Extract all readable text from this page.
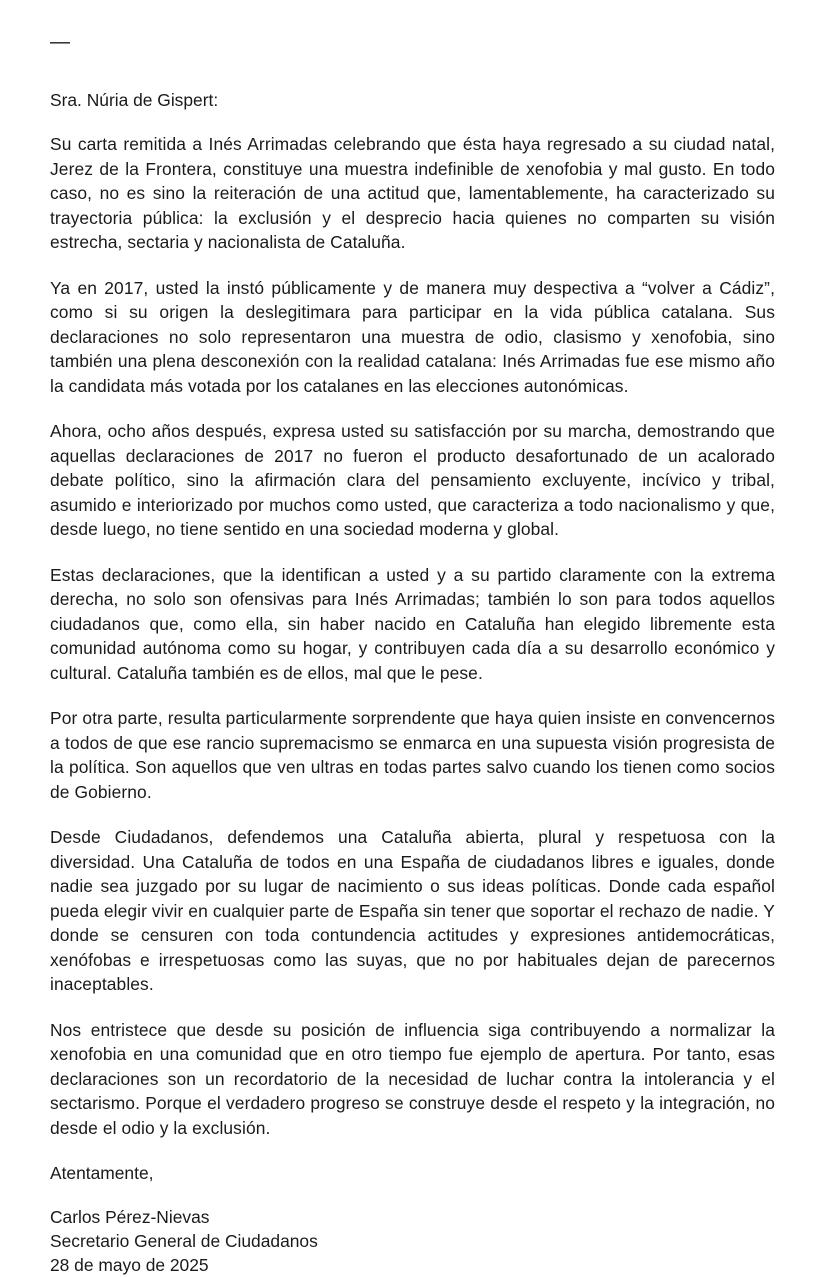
—
Sra. Núria de Gispert:

Su carta remitida a Inés Arrimadas celebrando que ésta haya regresado a su ciudad natal, Jerez de la Frontera, constituye una muestra indefinible de xenofobia y mal gusto. En todo caso, no es sino la reiteración de una actitud que, lamentablemente, ha caracterizado su trayectoria pública: la exclusión y el desprecio hacia quienes no comparten su visión estrecha, sectaria y nacionalista de Cataluña.

Ya en 2017, usted la instó públicamente y de manera muy despectiva a “volver a Cádiz”, como si su origen la deslegitimara para participar en la vida pública catalana. Sus declaraciones no solo representaron una muestra de odio, clasismo y xenofobia, sino también una plena desconexión con la realidad catalana: Inés Arrimadas fue ese mismo año la candidata más votada por los catalanes en las elecciones autonómicas.

Ahora, ocho años después, expresa usted su satisfacción por su marcha, demostrando que aquellas declaraciones de 2017 no fueron el producto desafortunado de un acalorado debate político, sino la afirmación clara del pensamiento excluyente, incívico y tribal, asumido e interiorizado por muchos como usted, que caracteriza a todo nacionalismo y que, desde luego, no tiene sentido en una sociedad moderna y global.

Estas declaraciones, que la identifican a usted y a su partido claramente con la extrema derecha, no solo son ofensivas para Inés Arrimadas; también lo son para todos aquellos ciudadanos que, como ella, sin haber nacido en Cataluña han elegido libremente esta comunidad autónoma como su hogar, y contribuyen cada día a su desarrollo económico y cultural. Cataluña también es de ellos, mal que le pese.

Por otra parte, resulta particularmente sorprendente que haya quien insiste en convencernos a todos de que ese rancio supremacismo se enmarca en una supuesta visión progresista de la política. Son aquellos que ven ultras en todas partes salvo cuando los tienen como socios de Gobierno.

Desde Ciudadanos, defendemos una Cataluña abierta, plural y respetuosa con la diversidad. Una Cataluña de todos en una España de ciudadanos libres e iguales, donde nadie sea juzgado por su lugar de nacimiento o sus ideas políticas. Donde cada español pueda elegir vivir en cualquier parte de España sin tener que soportar el rechazo de nadie. Y donde se censuren con toda contundencia actitudes y expresiones antidemocráticas, xenófobas e irrespetuosas como las suyas, que no por habituales dejan de parecernos inaceptables.

Nos entristece que desde su posición de influencia siga contribuyendo a normalizar la xenofobia en una comunidad que en otro tiempo fue ejemplo de apertura. Por tanto, esas declaraciones son un recordatorio de la necesidad de luchar contra la intolerancia y el sectarismo. Porque el verdadero progreso se construye desde el respeto y la integración, no desde el odio y la exclusión.

Atentamente,
Carlos Pérez-Nievas
Secretario General de Ciudadanos
28 de mayo de 2025
